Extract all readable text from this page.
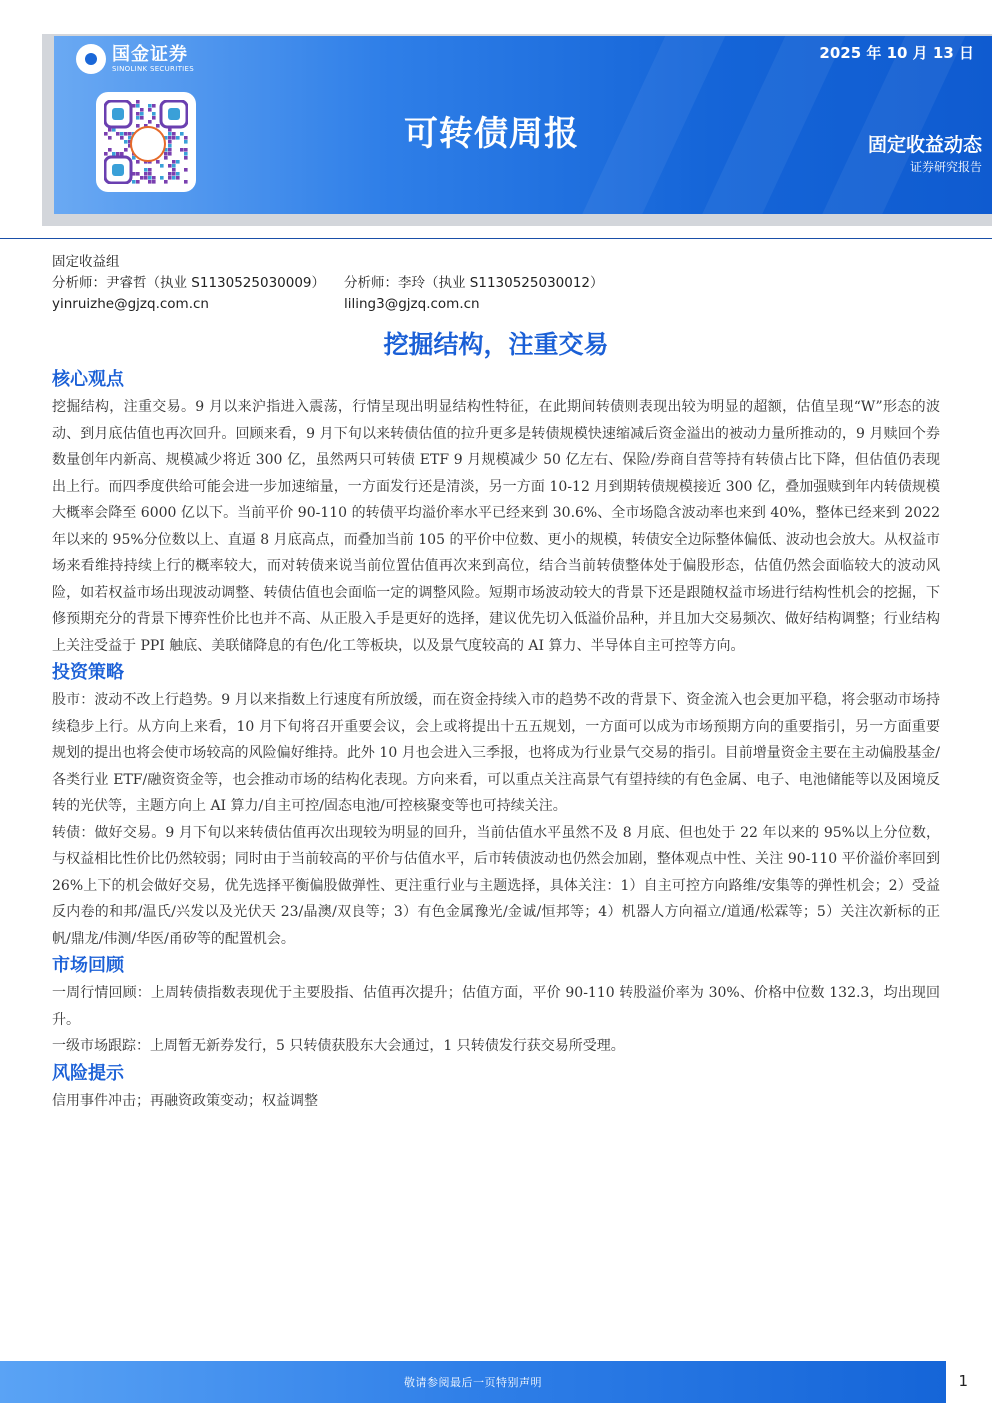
国金证券
SINOLINK SECURITIES
2025 年 10 月 13 日
可转债周报	固定收益动态
证券研究报告
固定收益组
分析师：尹睿哲（执业 S1130525030009）	分析师：李玲（执业 S1130525030012）
yinruizhe@gjzq.com.cn	liling3@gjzq.com.cn
挖掘结构，注重交易
核心观点
挖掘结构，注重交易。9 月以来沪指进入震荡，行情呈现出明显结构性特征，在此期间转债则表现出较为明显的超额，估值呈现“W”形态的波动、到月底估值也再次回升。回顾来看，9 月下旬以来转债估值的拉升更多是转债规模快速缩减后资金溢出的被动力量所推动的，9 月赎回个券数量创年内新高、规模减少将近 300 亿，虽然两只可转债 ETF 9 月规模减少 50 亿左右、保险/券商自营等持有转债占比下降，但估值仍表现出上行。而四季度供给可能会进一步加速缩量，一方面发行还是清淡，另一方面 10-12 月到期转债规模接近 300 亿，叠加强赎到年内转债规模大概率会降至 6000 亿以下。当前平价 90-110 的转债平均溢价率水平已经来到 30.6%、全市场隐含波动率也来到 40%，整体已经来到 2022 年以来的 95%分位数以上、直逼 8 月底高点，而叠加当前 105 的平价中位数、更小的规模，转债安全边际整体偏低、波动也会放大。从权益市场来看维持持续上行的概率较大，而对转债来说当前位置估值再次来到高位，结合当前转债整体处于偏股形态，估值仍然会面临较大的波动风险，如若权益市场出现波动调整、转债估值也会面临一定的调整风险。短期市场波动较大的背景下还是跟随权益市场进行结构性机会的挖掘，下修预期充分的背景下博弈性价比也并不高、从正股入手是更好的选择，建议优先切入低溢价品种，并且加大交易频次、做好结构调整；行业结构上关注受益于 PPI 触底、美联储降息的有色/化工等板块，以及景气度较高的 AI 算力、半导体自主可控等方向。
投资策略
股市：波动不改上行趋势。9 月以来指数上行速度有所放缓，而在资金持续入市的趋势不改的背景下、资金流入也会更加平稳，将会驱动市场持续稳步上行。从方向上来看，10 月下旬将召开重要会议，会上或将提出十五五规划，一方面可以成为市场预期方向的重要指引，另一方面重要规划的提出也将会使市场较高的风险偏好维持。此外 10 月也会进入三季报，也将成为行业景气交易的指引。目前增量资金主要在主动偏股基金/各类行业 ETF/融资资金等，也会推动市场的结构化表现。方向来看，可以重点关注高景气有望持续的有色金属、电子、电池储能等以及困境反转的光伏等，主题方向上 AI 算力/自主可控/固态电池/可控核聚变等也可持续关注。
转债：做好交易。9 月下旬以来转债估值再次出现较为明显的回升，当前估值水平虽然不及 8 月底、但也处于 22 年以来的 95%以上分位数，与权益相比性价比仍然较弱；同时由于当前较高的平价与估值水平，后市转债波动也仍然会加剧，整体观点中性、关注 90-110 平价溢价率回到 26%上下的机会做好交易，优先选择平衡偏股做弹性、更注重行业与主题选择，具体关注：1）自主可控方向路维/安集等的弹性机会；2）受益反内卷的和邦/温氏/兴发以及光伏天 23/晶澳/双良等；3）有色金属豫光/金诚/恒邦等；4）机器人方向福立/道通/松霖等；5）关注次新标的正帆/鼎龙/伟测/华医/甬矽等的配置机会。
市场回顾
一周行情回顾：上周转债指数表现优于主要股指、估值再次提升；估值方面，平价 90-110 转股溢价率为 30%、价格中位数 132.3，均出现回升。
一级市场跟踪：上周暂无新券发行，5 只转债获股东大会通过，1 只转债发行获交易所受理。
风险提示
信用事件冲击；再融资政策变动；权益调整
敬请参阅最后一页特别声明	1
